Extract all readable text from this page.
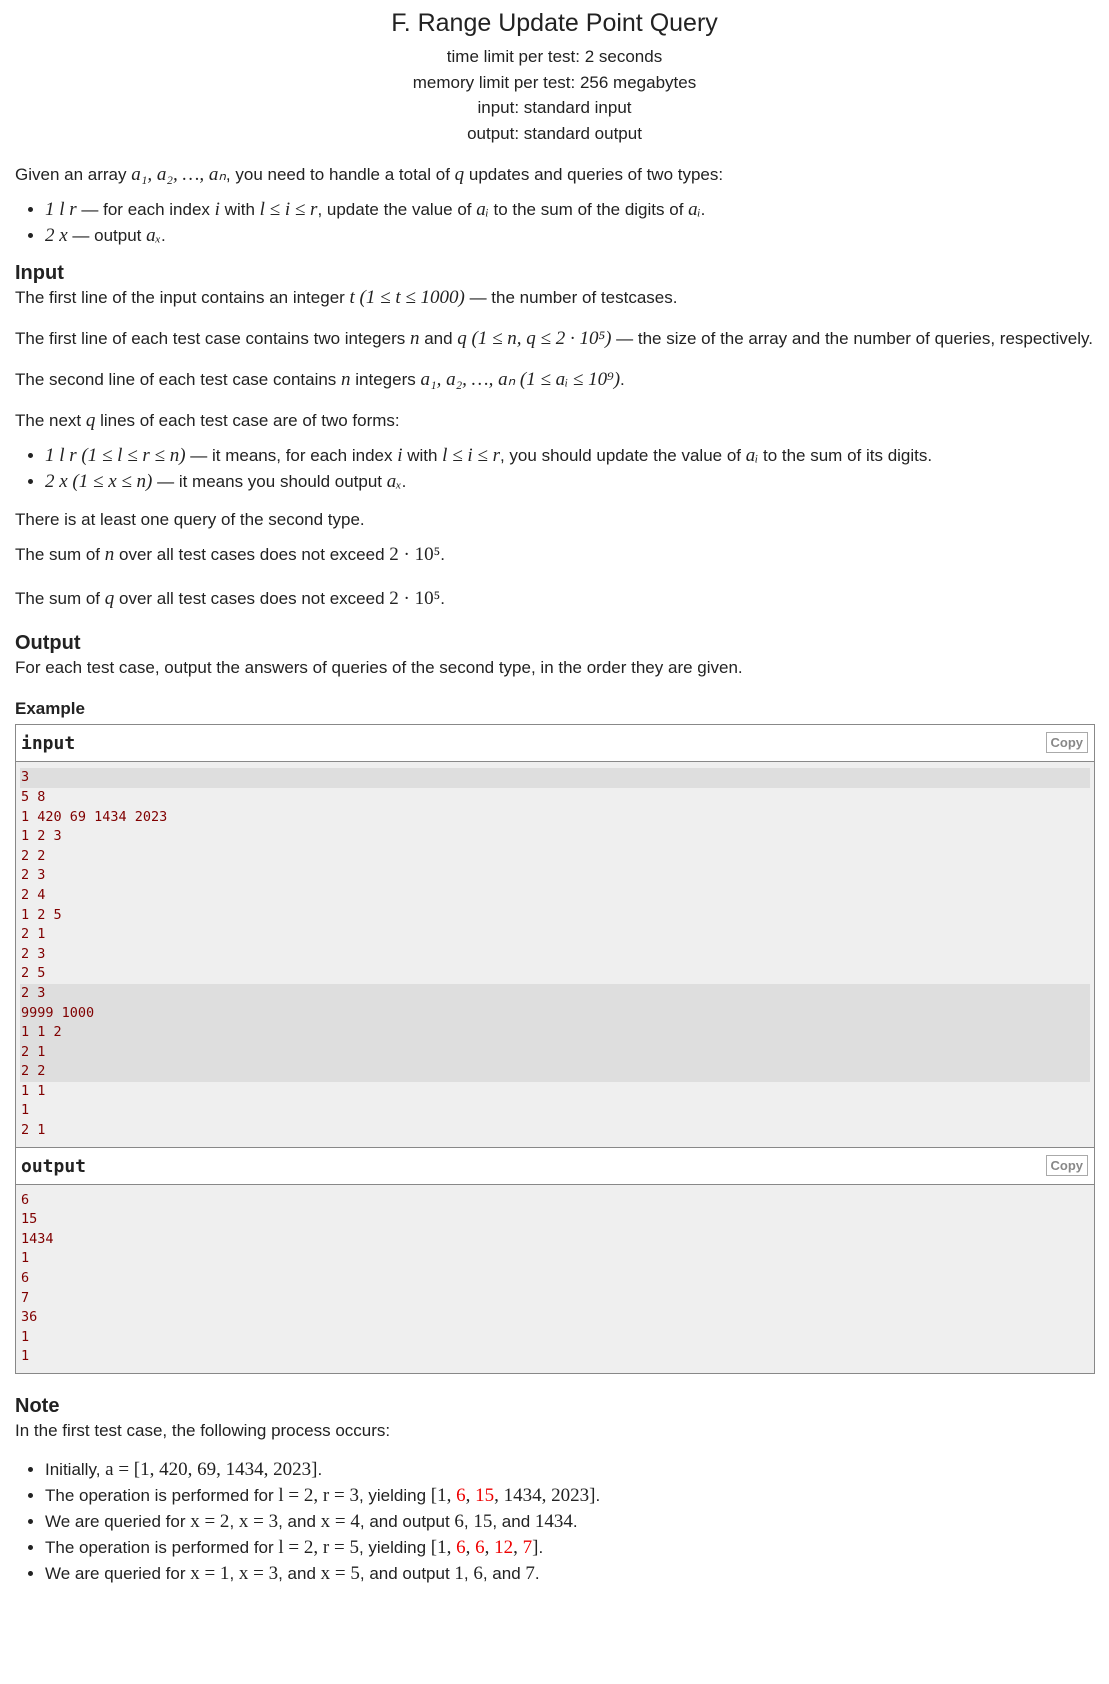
F. Range Update Point Query
time limit per test: 2 seconds
memory limit per test: 256 megabytes
input: standard input
output: standard output

Given an array a₁, a₂, …, aₙ, you need to handle a total of q updates and queries of two types:

• 1 l r — for each index i with l ≤ i ≤ r, update the value of aᵢ to the sum of the digits of aᵢ.
• 2 x — output aₓ.
Input

The first line of the input contains an integer t (1 ≤ t ≤ 1000) — the number of testcases.

The first line of each test case contains two integers n and q (1 ≤ n, q ≤ 2 · 10⁵) — the size of the array and the number of queries, respectively.

The second line of each test case contains n integers a₁, a₂, …, aₙ (1 ≤ aᵢ ≤ 10⁹).

The next q lines of each test case are of two forms:

• 1 l r (1 ≤ l ≤ r ≤ n) — it means, for each index i with l ≤ i ≤ r, you should update the value of aᵢ to the sum of its digits.
• 2 x (1 ≤ x ≤ n) — it means you should output aₓ.

There is at least one query of the second type.

The sum of n over all test cases does not exceed 2 · 10⁵.

The sum of q over all test cases does not exceed 2 · 10⁵.

Output

For each test case, output the answers of queries of the second type, in the order they are given.

Example
input	Copy
3
5 8
1 420 69 1434 2023
1 2 3
2 2
2 3
2 4
1 2 5
2 1
2 3
2 5
2 3
9999 1000
1 1 2
2 1
2 2
1 1
1
2 1
output	Copy
6
15
1434
1
6
7
36
1
1
Note

In the first test case, the following process occurs:

• Initially, a = [1, 420, 69, 1434, 2023].
• The operation is performed for l = 2, r = 3, yielding [1, 6, 15, 1434, 2023].
• We are queried for x = 2, x = 3, and x = 4, and output 6, 15, and 1434.
• The operation is performed for l = 2, r = 5, yielding [1, 6, 6, 12, 7].
• We are queried for x = 1, x = 3, and x = 5, and output 1, 6, and 7.
